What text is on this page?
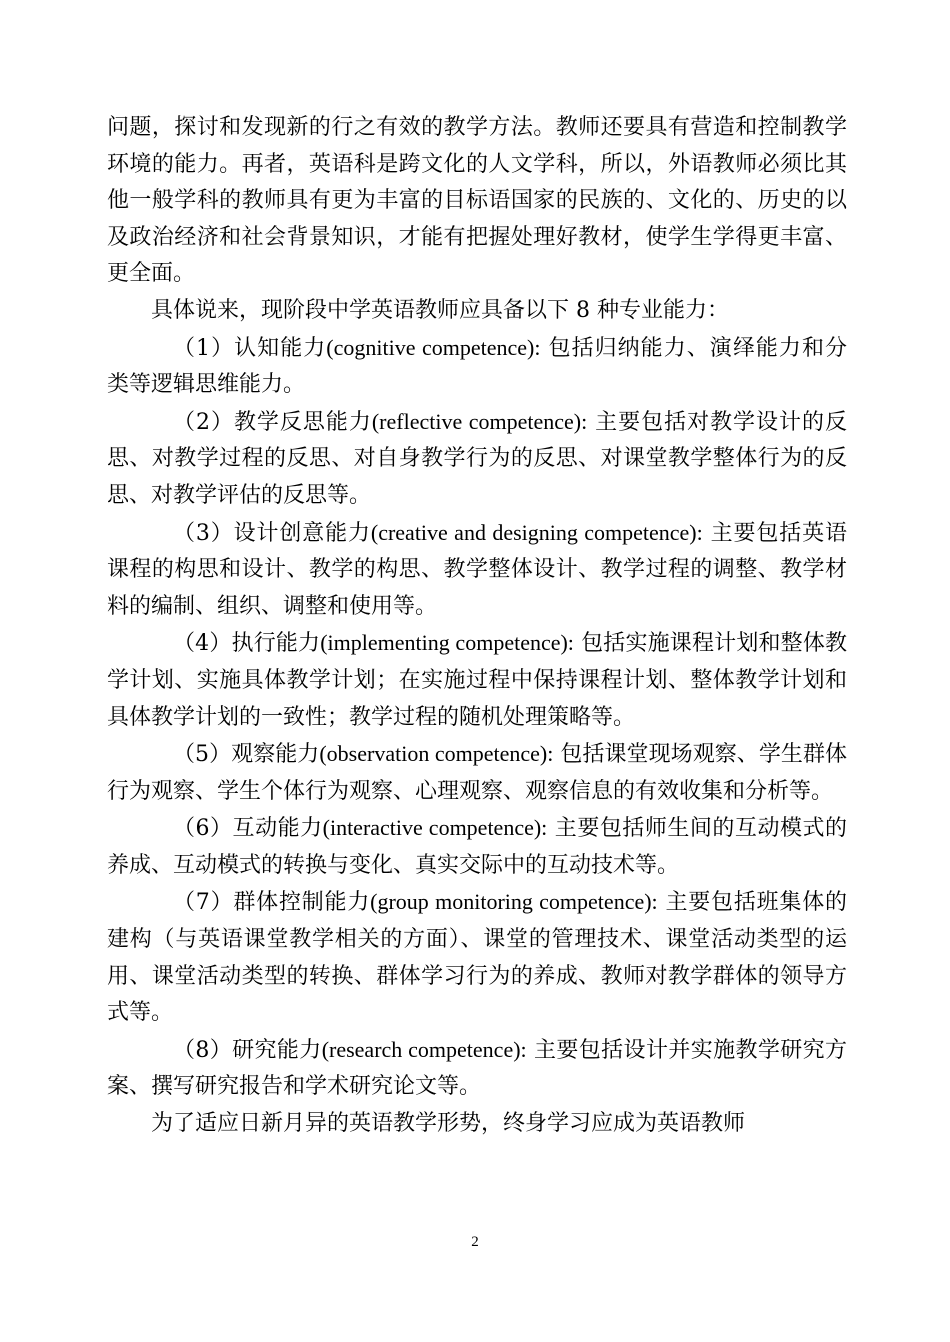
问题，探讨和发现新的行之有效的教学方法。教师还要具有营造和控制教学环境的能力。再者，英语科是跨文化的人文学科，所以，外语教师必须比其他一般学科的教师具有更为丰富的目标语国家的民族的、文化的、历史的以及政治经济和社会背景知识，才能有把握处理好教材，使学生学得更丰富、更全面。

具体说来，现阶段中学英语教师应具备以下 8 种专业能力：

（1）认知能力(cognitive competence): 包括归纳能力、演绎能力和分类等逻辑思维能力。

（2）教学反思能力(reflective competence): 主要包括对教学设计的反思、对教学过程的反思、对自身教学行为的反思、对课堂教学整体行为的反思、对教学评估的反思等。

（3）设计创意能力(creative and designing competence): 主要包括英语课程的构思和设计、教学的构思、教学整体设计、教学过程的调整、教学材料的编制、组织、调整和使用等。

（4）执行能力(implementing competence): 包括实施课程计划和整体教学计划、实施具体教学计划；在实施过程中保持课程计划、整体教学计划和具体教学计划的一致性；教学过程的随机处理策略等。

（5）观察能力(observation competence): 包括课堂现场观察、学生群体行为观察、学生个体行为观察、心理观察、观察信息的有效收集和分析等。

（6）互动能力(interactive competence): 主要包括师生间的互动模式的养成、互动模式的转换与变化、真实交际中的互动技术等。

（7）群体控制能力(group monitoring competence): 主要包括班集体的建构（与英语课堂教学相关的方面）、课堂的管理技术、课堂活动类型的运用、课堂活动类型的转换、群体学习行为的养成、教师对教学群体的领导方式等。

（8）研究能力(research competence): 主要包括设计并实施教学研究方案、撰写研究报告和学术研究论文等。

为了适应日新月异的英语教学形势，终身学习应成为英语教师

2
